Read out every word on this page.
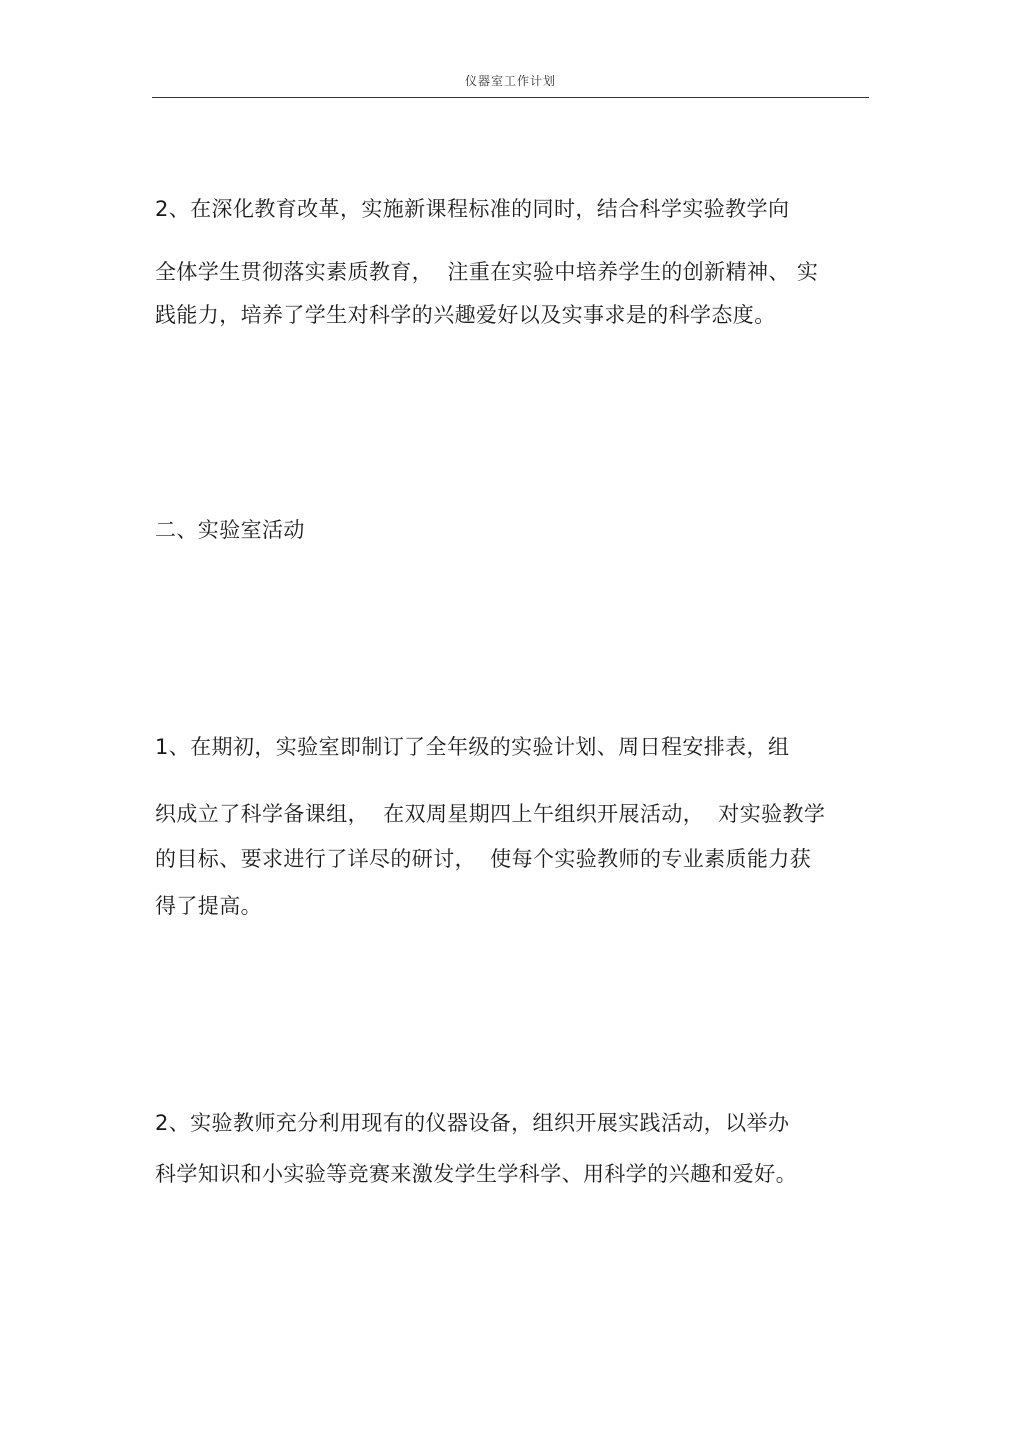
仪器室工作计划
2、在深化教育改革，实施新课程标准的同时，结合科学实验教学向
全体学生贯彻落实素质教育，  注重在实验中培养学生的创新精神、 实
践能力，培养了学生对科学的兴趣爱好以及实事求是的科学态度。
二、实验室活动
1、在期初，实验室即制订了全年级的实验计划、周日程安排表，组
织成立了科学备课组，  在双周星期四上午组织开展活动，  对实验教学
的目标、要求进行了详尽的研讨，  使每个实验教师的专业素质能力获
得了提高。
2、实验教师充分利用现有的仪器设备，组织开展实践活动，以举办
科学知识和小实验等竞赛来激发学生学科学、用科学的兴趣和爱好。
